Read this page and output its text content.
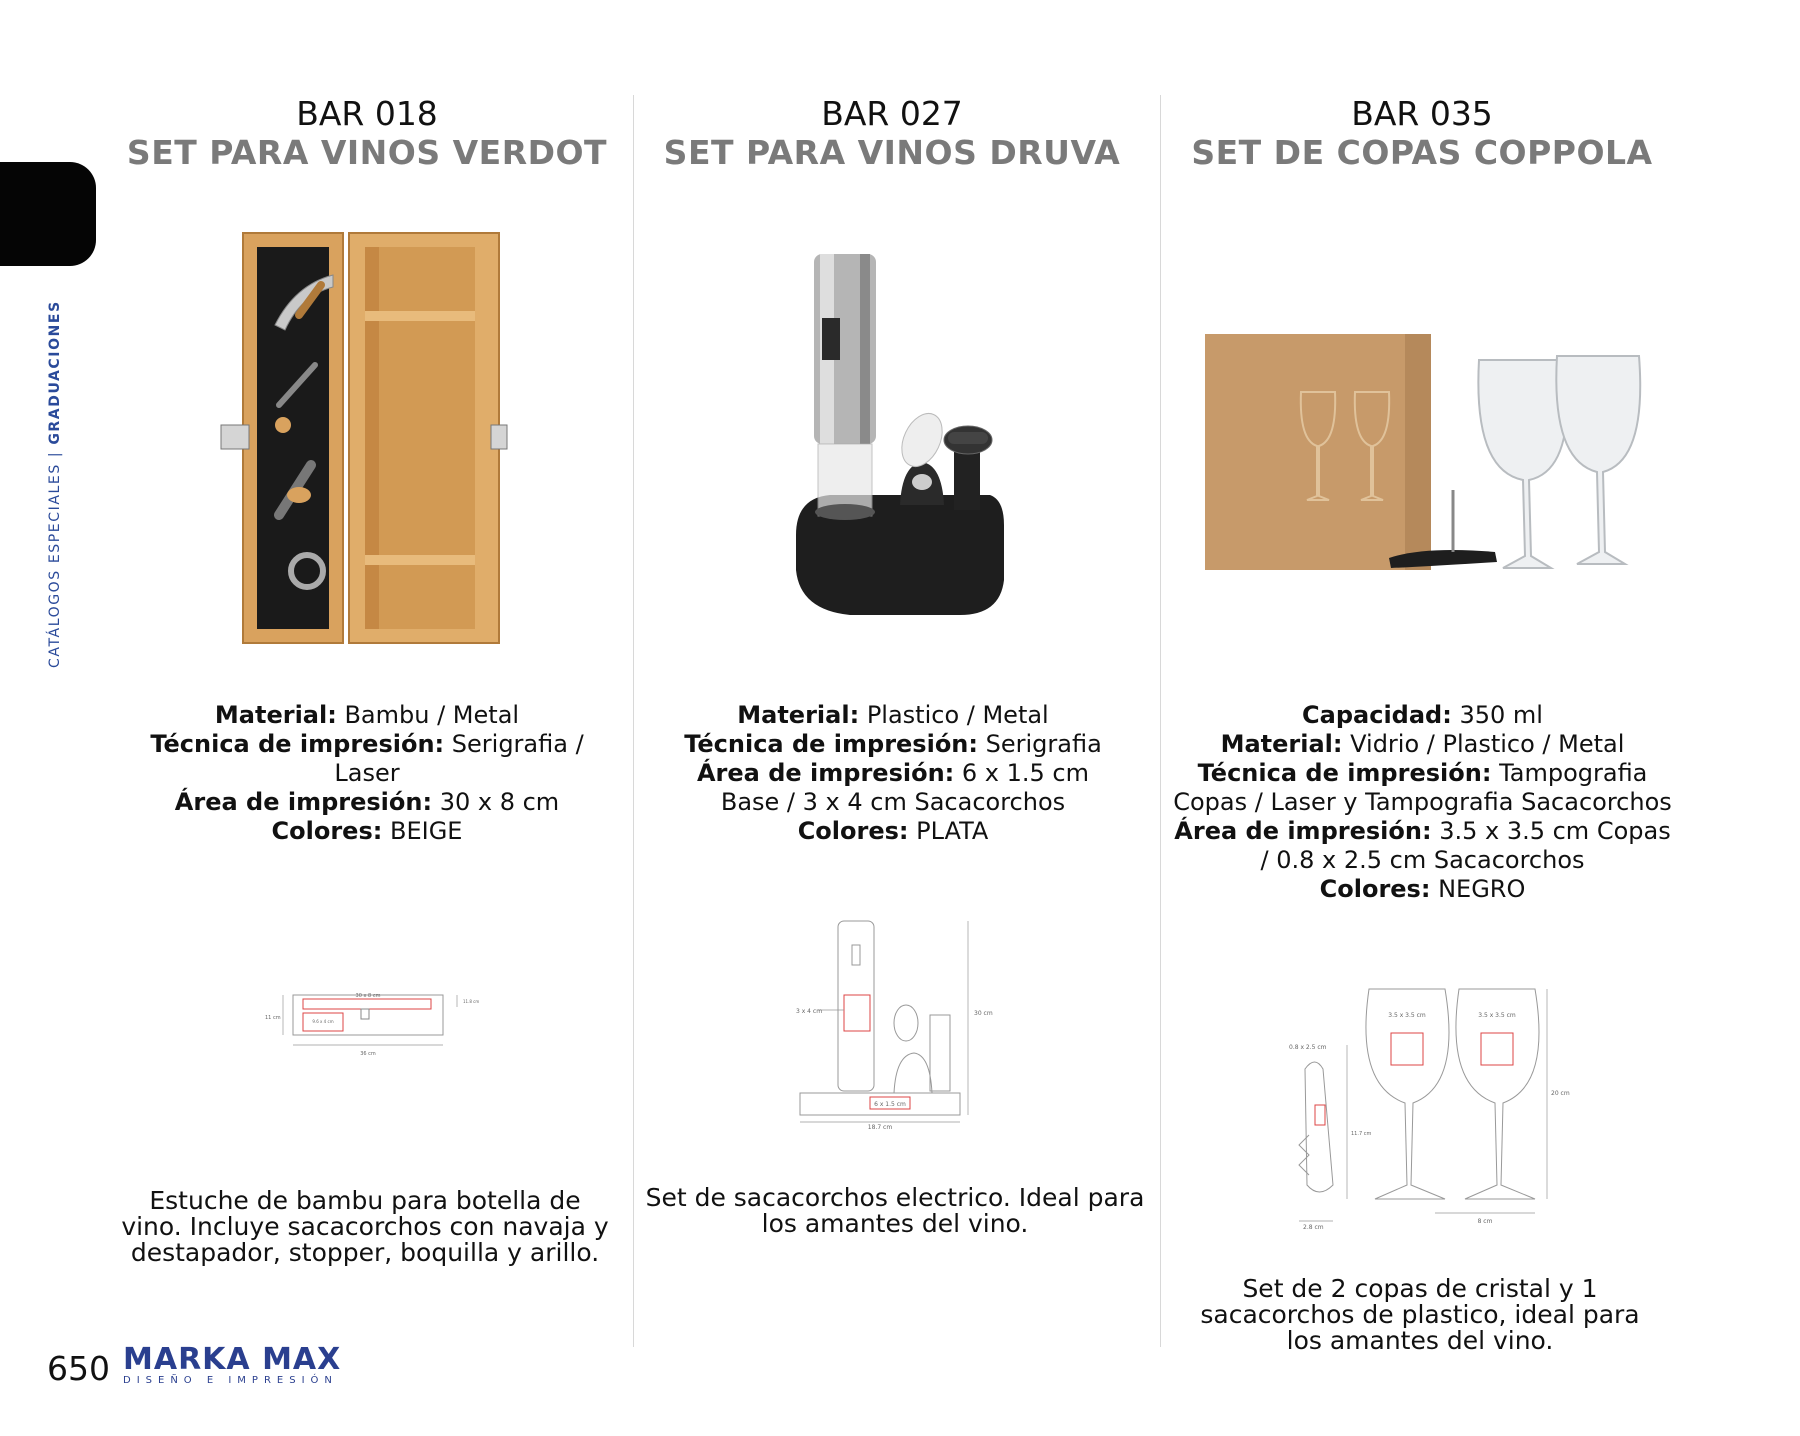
CATÁLOGOS ESPECIALES | GRADUACIONES
BAR 018
SET PARA VINOS VERDOT
Material: Bambu / Metal
Técnica de impresión: Serigrafia / Laser
Área de impresión: 30 x 8 cm
Colores: BEIGE
30 x 8 cm
9.6 x 4 cm
36 cm
11 cm
11.8 cm
Estuche de bambu para botella de vino. Incluye sacacorchos con navaja y destapador, stopper, boquilla y arillo.
BAR 027
SET PARA VINOS DRUVA
Material: Plastico / Metal
Técnica de impresión: Serigrafia
Área de impresión: 6 x 1.5 cm
Base / 3 x 4 cm Sacacorchos
Colores: PLATA
3 x 4 cm
6 x 1.5 cm
18.7 cm
30 cm
Set de sacacorchos electrico. Ideal para los amantes del vino.
BAR 035
SET DE COPAS COPPOLA
Capacidad: 350 ml
Material: Vidrio / Plastico / Metal
Técnica de impresión: Tampografia Copas / Laser y Tampografia Sacacorchos
Área de impresión: 3.5 x 3.5 cm Copas / 0.8 x 2.5 cm Sacacorchos
Colores: NEGRO
3.5 x 3.5 cm	3.5 x 3.5 cm
0.8 x 2.5 cm
11.7 cm
2.8 cm
8 cm
20 cm
Set de 2 copas de cristal y 1 sacacorchos de plastico, ideal para los amantes del vino.
650 MARKA MAX
DISEÑO E IMPRESIÓN
